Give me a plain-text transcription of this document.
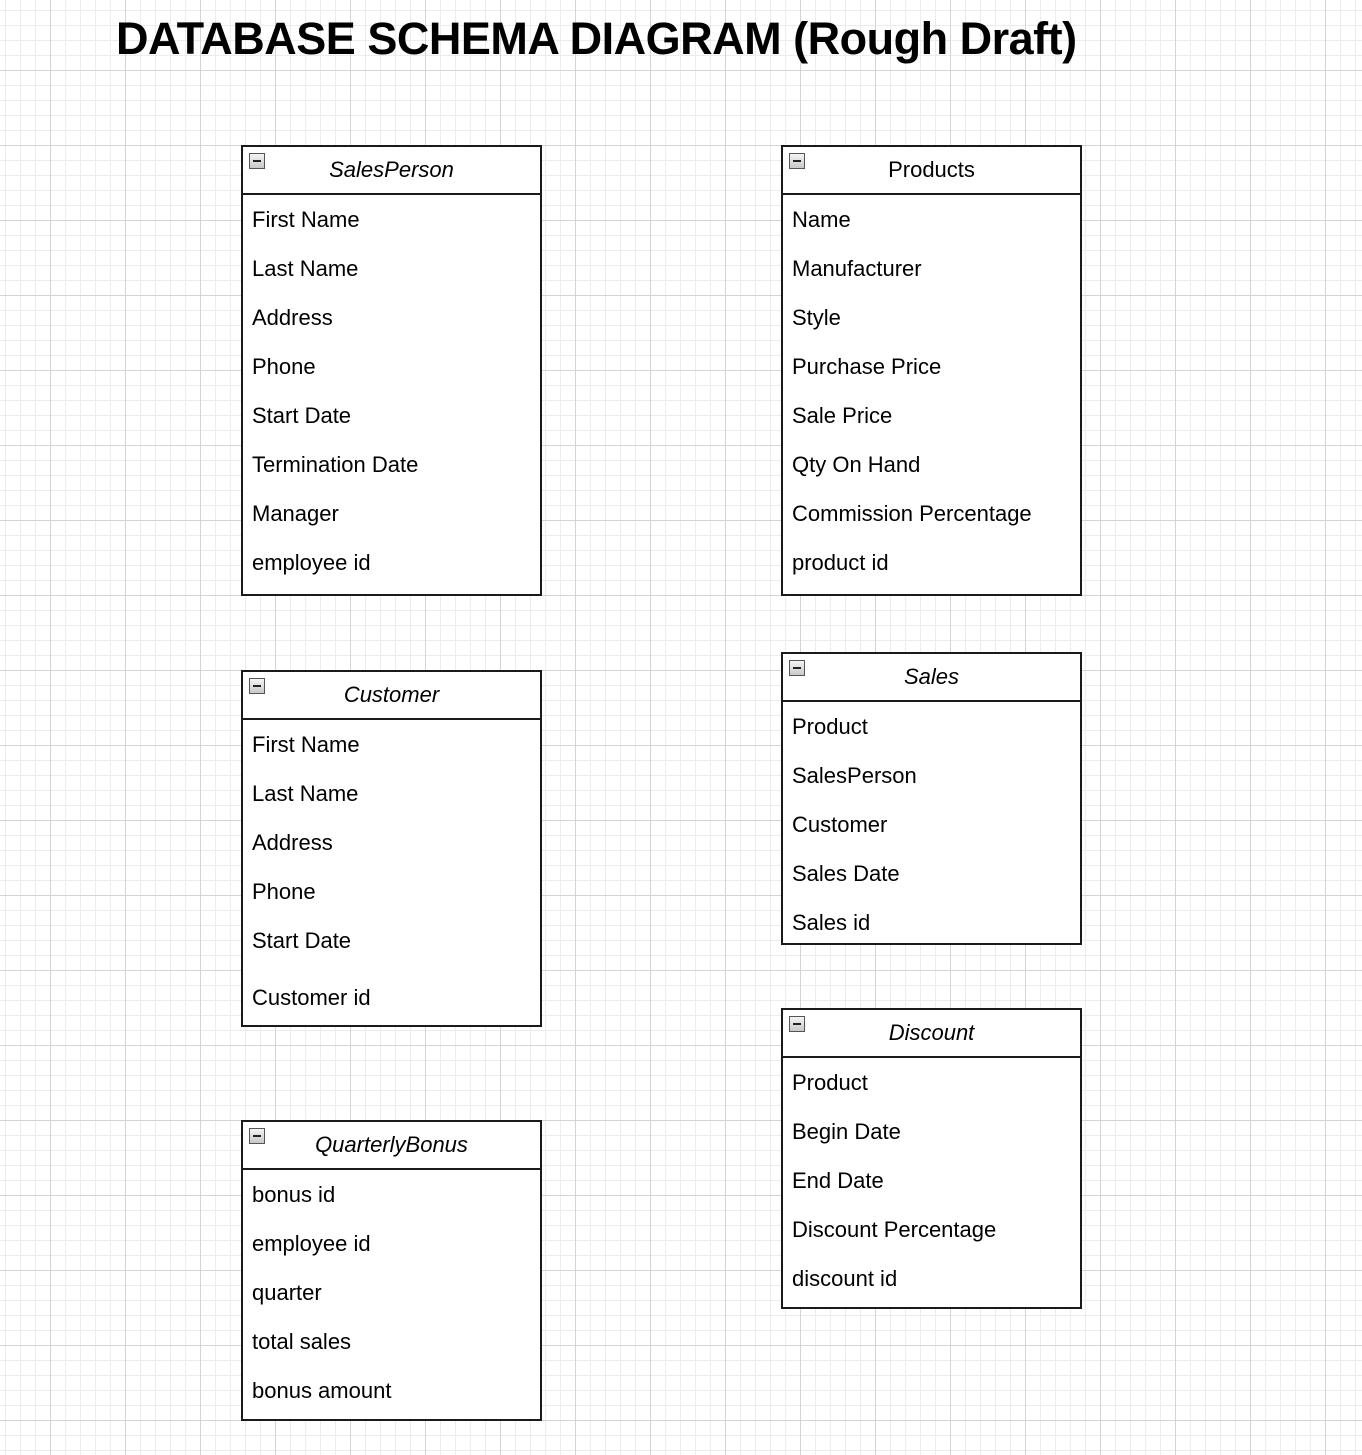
DATABASE SCHEMA DIAGRAM (Rough Draft)
SalesPerson
First Name
Last Name
Address
Phone
Start Date
Termination Date
Manager
employee id
Products
Name
Manufacturer
Style
Purchase Price
Sale Price
Qty On Hand
Commission Percentage
product id
Customer
First Name
Last Name
Address
Phone
Start Date
Customer id
Sales
Product
SalesPerson
Customer
Sales Date
Sales id
QuarterlyBonus
bonus id
employee id
quarter
total sales
bonus amount
Discount
Product
Begin Date
End Date
Discount Percentage
discount id
